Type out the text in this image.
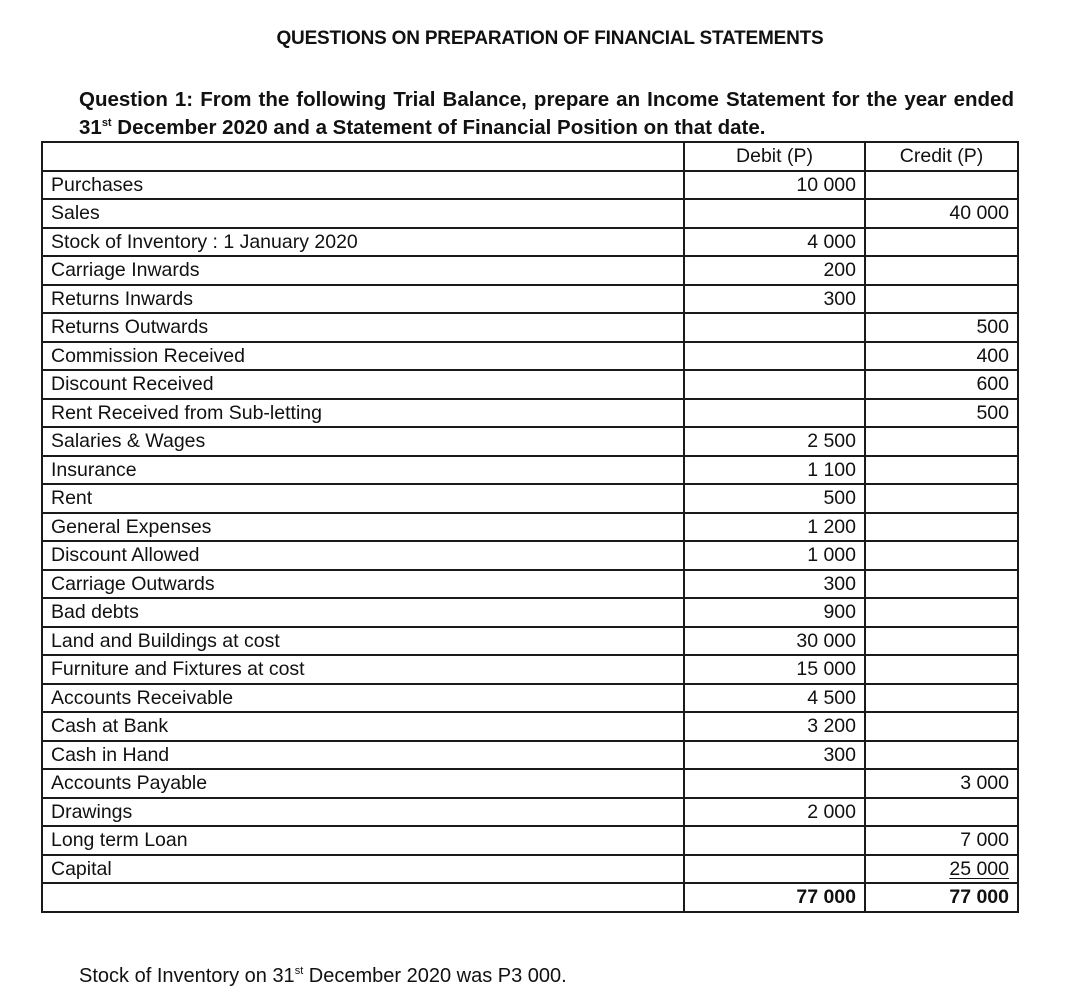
QUESTIONS ON PREPARATION OF FINANCIAL STATEMENTS
Question 1: From the following Trial Balance, prepare an Income Statement for the year ended 31st December 2020 and a Statement of Financial Position on that date.
	Debit (P)	Credit (P)
Purchases	10 000	
Sales		40 000
Stock of Inventory : 1 January 2020	4 000	
Carriage Inwards	200	
Returns Inwards	300	
Returns Outwards		500
Commission Received		400
Discount Received		600
Rent Received from Sub-letting		500
Salaries & Wages	2 500	
Insurance	1 100	
Rent	500	
General Expenses	1 200	
Discount Allowed	1 000	
Carriage Outwards	300	
Bad debts	900	
Land and Buildings at cost	30 000	
Furniture and Fixtures at cost	15 000	
Accounts Receivable	4 500	
Cash at Bank	3 200	
Cash in Hand	300	
Accounts Payable		3 000
Drawings	2 000	
Long term Loan		7 000
Capital		25 000
	77 000	77 000
Stock of Inventory on 31st December 2020 was P3 000.
